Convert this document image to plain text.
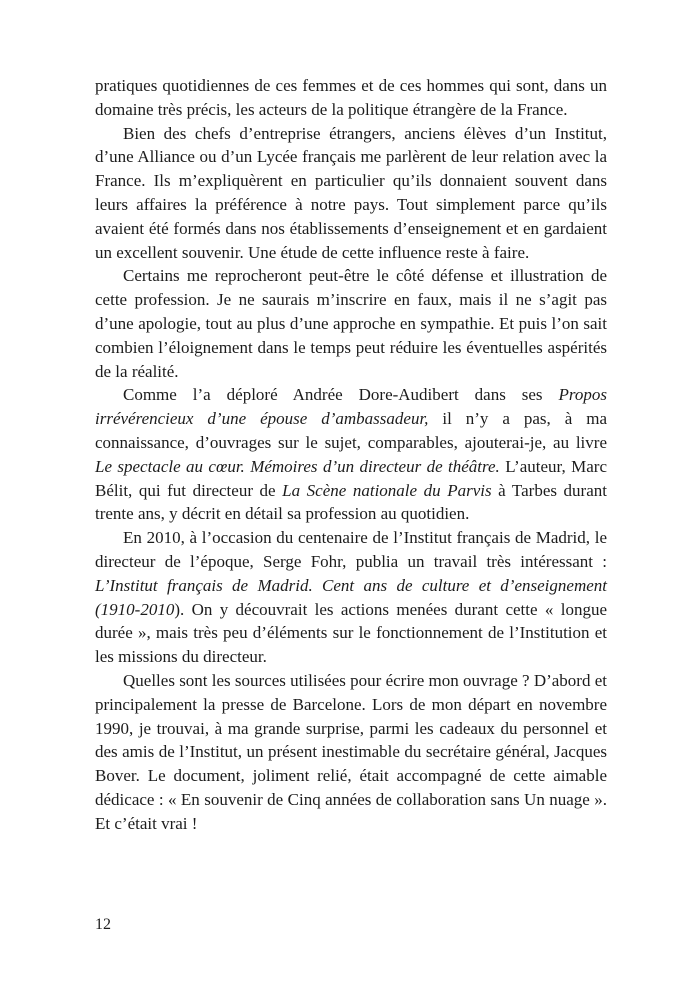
pratiques quotidiennes de ces femmes et de ces hommes qui sont, dans un domaine très précis, les acteurs de la politique étrangère de la France.

Bien des chefs d’entreprise étrangers, anciens élèves d’un Institut, d’une Alliance ou d’un Lycée français me parlèrent de leur relation avec la France. Ils m’expliquèrent en particulier qu’ils donnaient souvent dans leurs affaires la préférence à notre pays. Tout simplement parce qu’ils avaient été formés dans nos établissements d’enseignement et en gardaient un excellent souvenir. Une étude de cette influence reste à faire.

Certains me reprocheront peut-être le côté défense et illustration de cette profession. Je ne saurais m’inscrire en faux, mais il ne s’agit pas d’une apologie, tout au plus d’une approche en sympathie. Et puis l’on sait combien l’éloignement dans le temps peut réduire les éventuelles aspérités de la réalité.

Comme l’a déploré Andrée Dore-Audibert dans ses Propos irrévérencieux d’une épouse d’ambassadeur, il n’y a pas, à ma connaissance, d’ouvrages sur le sujet, comparables, ajouterai-je, au livre Le spectacle au cœur. Mémoires d’un directeur de théâtre. L’auteur, Marc Bélit, qui fut directeur de La Scène nationale du Parvis à Tarbes durant trente ans, y décrit en détail sa profession au quotidien.

En 2010, à l’occasion du centenaire de l’Institut français de Madrid, le directeur de l’époque, Serge Fohr, publia un travail très intéressant : L’Institut français de Madrid. Cent ans de culture et d’enseignement (1910-2010). On y découvrait les actions menées durant cette « longue durée », mais très peu d’éléments sur le fonctionnement de l’Institution et les missions du directeur.

Quelles sont les sources utilisées pour écrire mon ouvrage ? D’abord et principalement la presse de Barcelone. Lors de mon départ en novembre 1990, je trouvai, à ma grande surprise, parmi les cadeaux du personnel et des amis de l’Institut, un présent inestimable du secrétaire général, Jacques Bover. Le document, joliment relié, était accompagné de cette aimable dédicace : « En souvenir de Cinq années de collaboration sans Un nuage ». Et c’était vrai !

12
